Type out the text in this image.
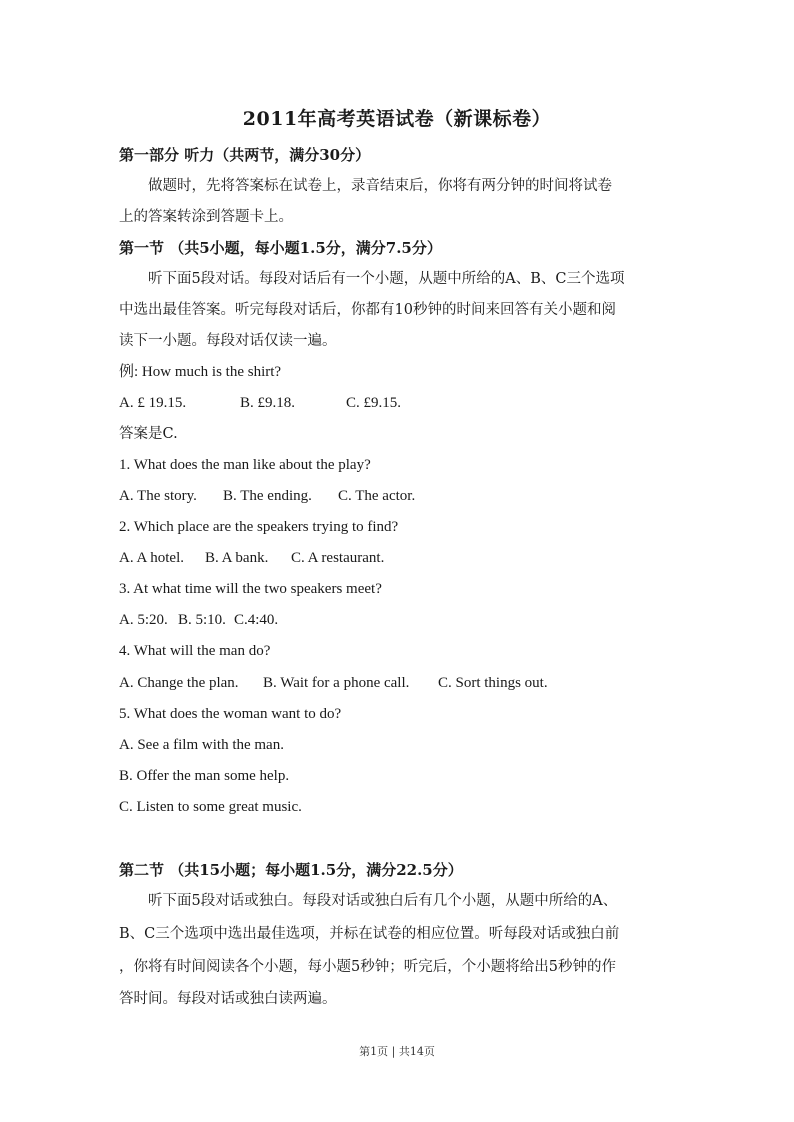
2011年高考英语试卷（新课标卷）
第一部分 听力（共两节，满分30分）
做题时，先将答案标在试卷上，录音结束后，你将有两分钟的时间将试卷
上的答案转涂到答题卡上。
第一节 （共5小题，每小题1.5分，满分7.5分）
听下面5段对话。每段对话后有一个小题，从题中所给的A、B、C三个选项
中选出最佳答案。听完每段对话后，你都有10秒钟的时间来回答有关小题和阅
读下一小题。每段对话仅读一遍。
例: How much is the shirt?
A. £ 19.15.	B. £9.18.	C. £9.15.
答案是C.
1. What does the man like about the play?
A. The story. B. The ending. C. The actor.
2. Which place are the speakers trying to find?
A. A hotel. B. A bank. C. A restaurant.
3. At what time will the two speakers meet?
A. 5:20. B. 5:10. C.4:40.
4. What will the man do?
A. Change the plan. B. Wait for a phone call. C. Sort things out.
5. What does the woman want to do?
A. See a film with the man.
B. Offer the man some help.
C. Listen to some great music.
第二节 （共15小题；每小题1.5分，满分22.5分）
听下面5段对话或独白。每段对话或独白后有几个小题，从题中所给的A、
B、C三个选项中选出最佳选项，并标在试卷的相应位置。听每段对话或独白前
，你将有时间阅读各个小题，每小题5秒钟；听完后，个小题将给出5秒钟的作
答时间。每段对话或独白读两遍。
第1页 | 共14页
